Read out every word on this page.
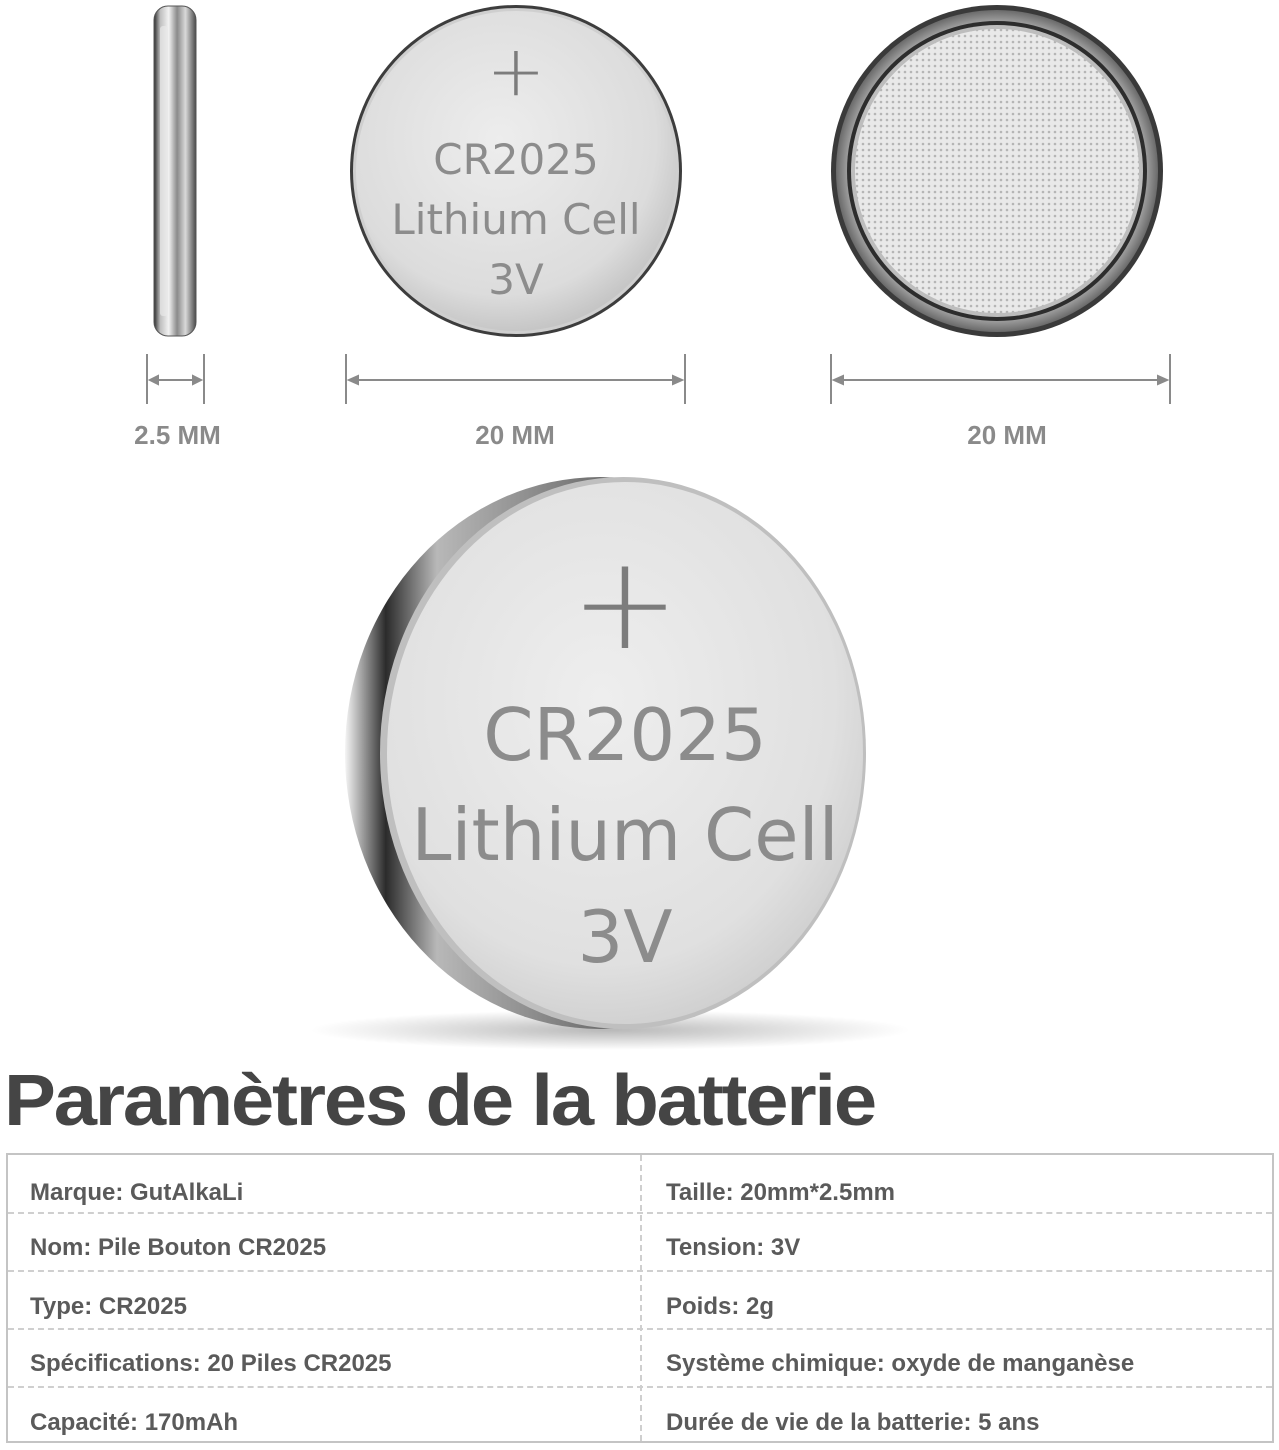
+
CR2025
Lithium Cell
3V
2.5 MM	20 MM	20 MM
+
CR2025
Lithium Cell
3V
Paramètres de la batterie
Marque: GutAlkaLi	Taille: 20mm*2.5mm
Nom: Pile Bouton CR2025	Tension: 3V
Type: CR2025	Poids: 2g
Spécifications: 20 Piles CR2025	Système chimique: oxyde de manganèse
Capacité: 170mAh	Durée de vie de la batterie: 5 ans
